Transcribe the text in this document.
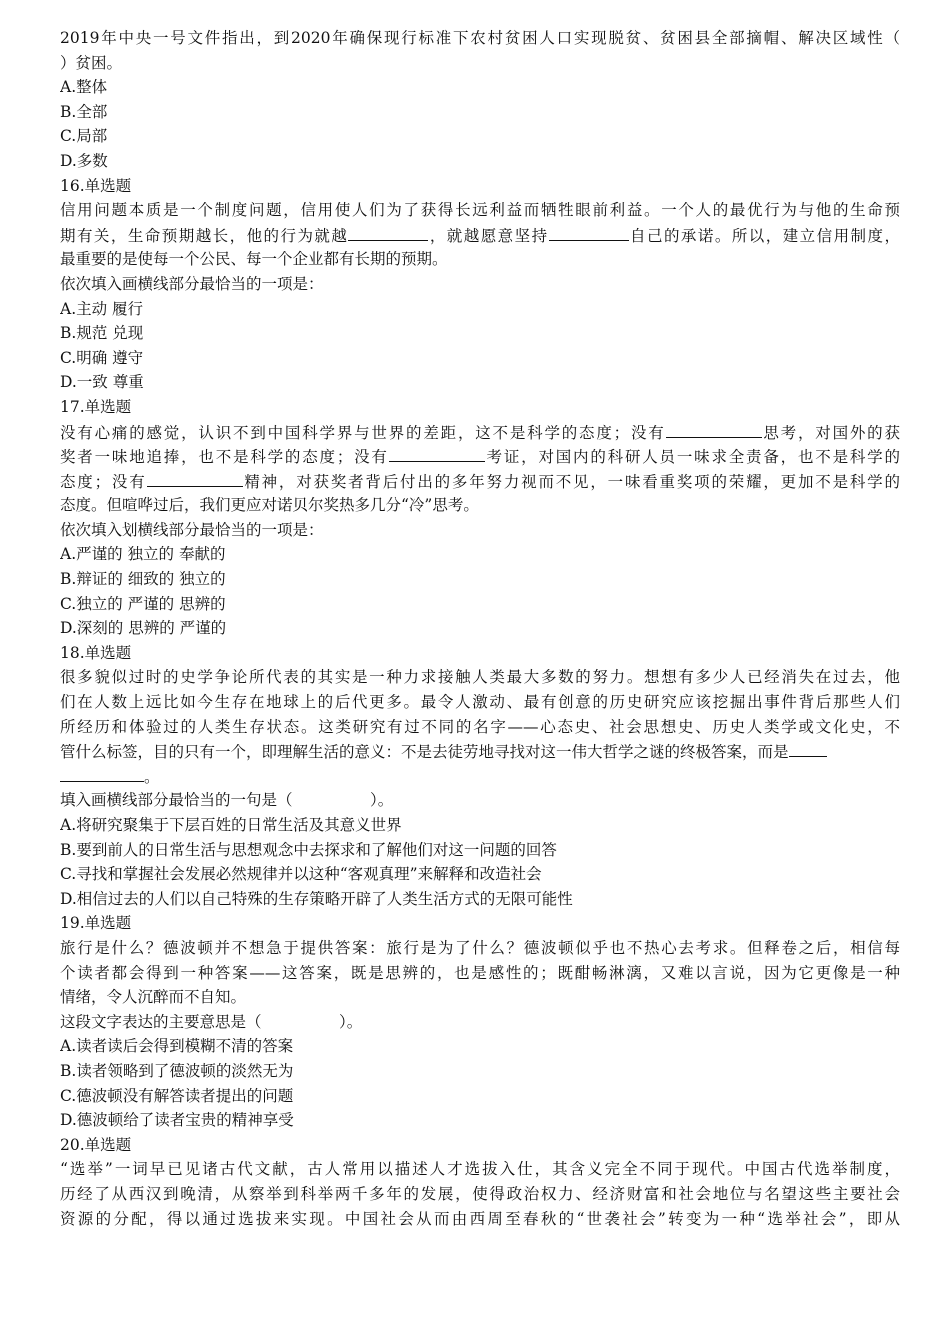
2019年中央一号文件指出，到2020年确保现行标准下农村贫困人口实现脱贫、贫困县全部摘帽、解决区域性（
）贫困。
A.整体
B.全部
C.局部
D.多数
16.单选题
信用问题本质是一个制度问题，信用使人们为了获得长远利益而牺牲眼前利益。一个人的最优行为与他的生命预
期有关，生命预期越长，他的行为就越	，就越愿意坚持	自己的承诺。所以，建立信用制度，
最重要的是使每一个公民、每一个企业都有长期的预期。
依次填入画横线部分最恰当的一项是：
A.主动 履行
B.规范 兑现
C.明确 遵守
D.一致 尊重
17.单选题
没有心痛的感觉，认识不到中国科学界与世界的差距，这不是科学的态度；没有	思考，对国外的获
奖者一味地追捧，也不是科学的态度；没有	考证，对国内的科研人员一味求全责备，也不是科学的
态度；没有	精神，对获奖者背后付出的多年努力视而不见，一味看重奖项的荣耀，更加不是科学的
态度。但喧哗过后，我们更应对诺贝尔奖热多几分“冷”思考。
依次填入划横线部分最恰当的一项是：
A.严谨的 独立的 奉献的
B.辩证的 细致的 独立的
C.独立的 严谨的 思辨的
D.深刻的 思辨的 严谨的
18.单选题
很多貌似过时的史学争论所代表的其实是一种力求接触人类最大多数的努力。想想有多少人已经消失在过去，他
们在人数上远比如今生存在地球上的后代更多。最令人激动、最有创意的历史研究应该挖掘出事件背后那些人们
所经历和体验过的人类生存状态。这类研究有过不同的名字——心态史、社会思想史、历史人类学或文化史，不
管什么标签，目的只有一个，即理解生活的意义：不是去徒劳地寻找对这一伟大哲学之谜的终极答案，而是
。
填入画横线部分最恰当的一句是（　　　　　）。
A.将研究聚集于下层百姓的日常生活及其意义世界
B.要到前人的日常生活与思想观念中去探求和了解他们对这一问题的回答
C.寻找和掌握社会发展必然规律并以这种“客观真理”来解释和改造社会
D.相信过去的人们以自己特殊的生存策略开辟了人类生活方式的无限可能性
19.单选题
旅行是什么？德波顿并不想急于提供答案：旅行是为了什么？德波顿似乎也不热心去考求。但释卷之后，相信每
个读者都会得到一种答案——这答案，既是思辨的，也是感性的；既酣畅淋漓，又难以言说，因为它更像是一种
情绪，令人沉醉而不自知。
这段文字表达的主要意思是（　　　　　）。
A.读者读后会得到模糊不清的答案
B.读者领略到了德波顿的淡然无为
C.德波顿没有解答读者提出的问题
D.德波顿给了读者宝贵的精神享受
20.单选题
“选举”一词早已见诸古代文献，古人常用以描述人才选拔入仕，其含义完全不同于现代。中国古代选举制度，
历经了从西汉到晚清，从察举到科举两千多年的发展，使得政治权力、经济财富和社会地位与名望这些主要社会
资源的分配，得以通过选拔来实现。中国社会从而由西周至春秋的“世袭社会”转变为一种“选举社会”，即从
